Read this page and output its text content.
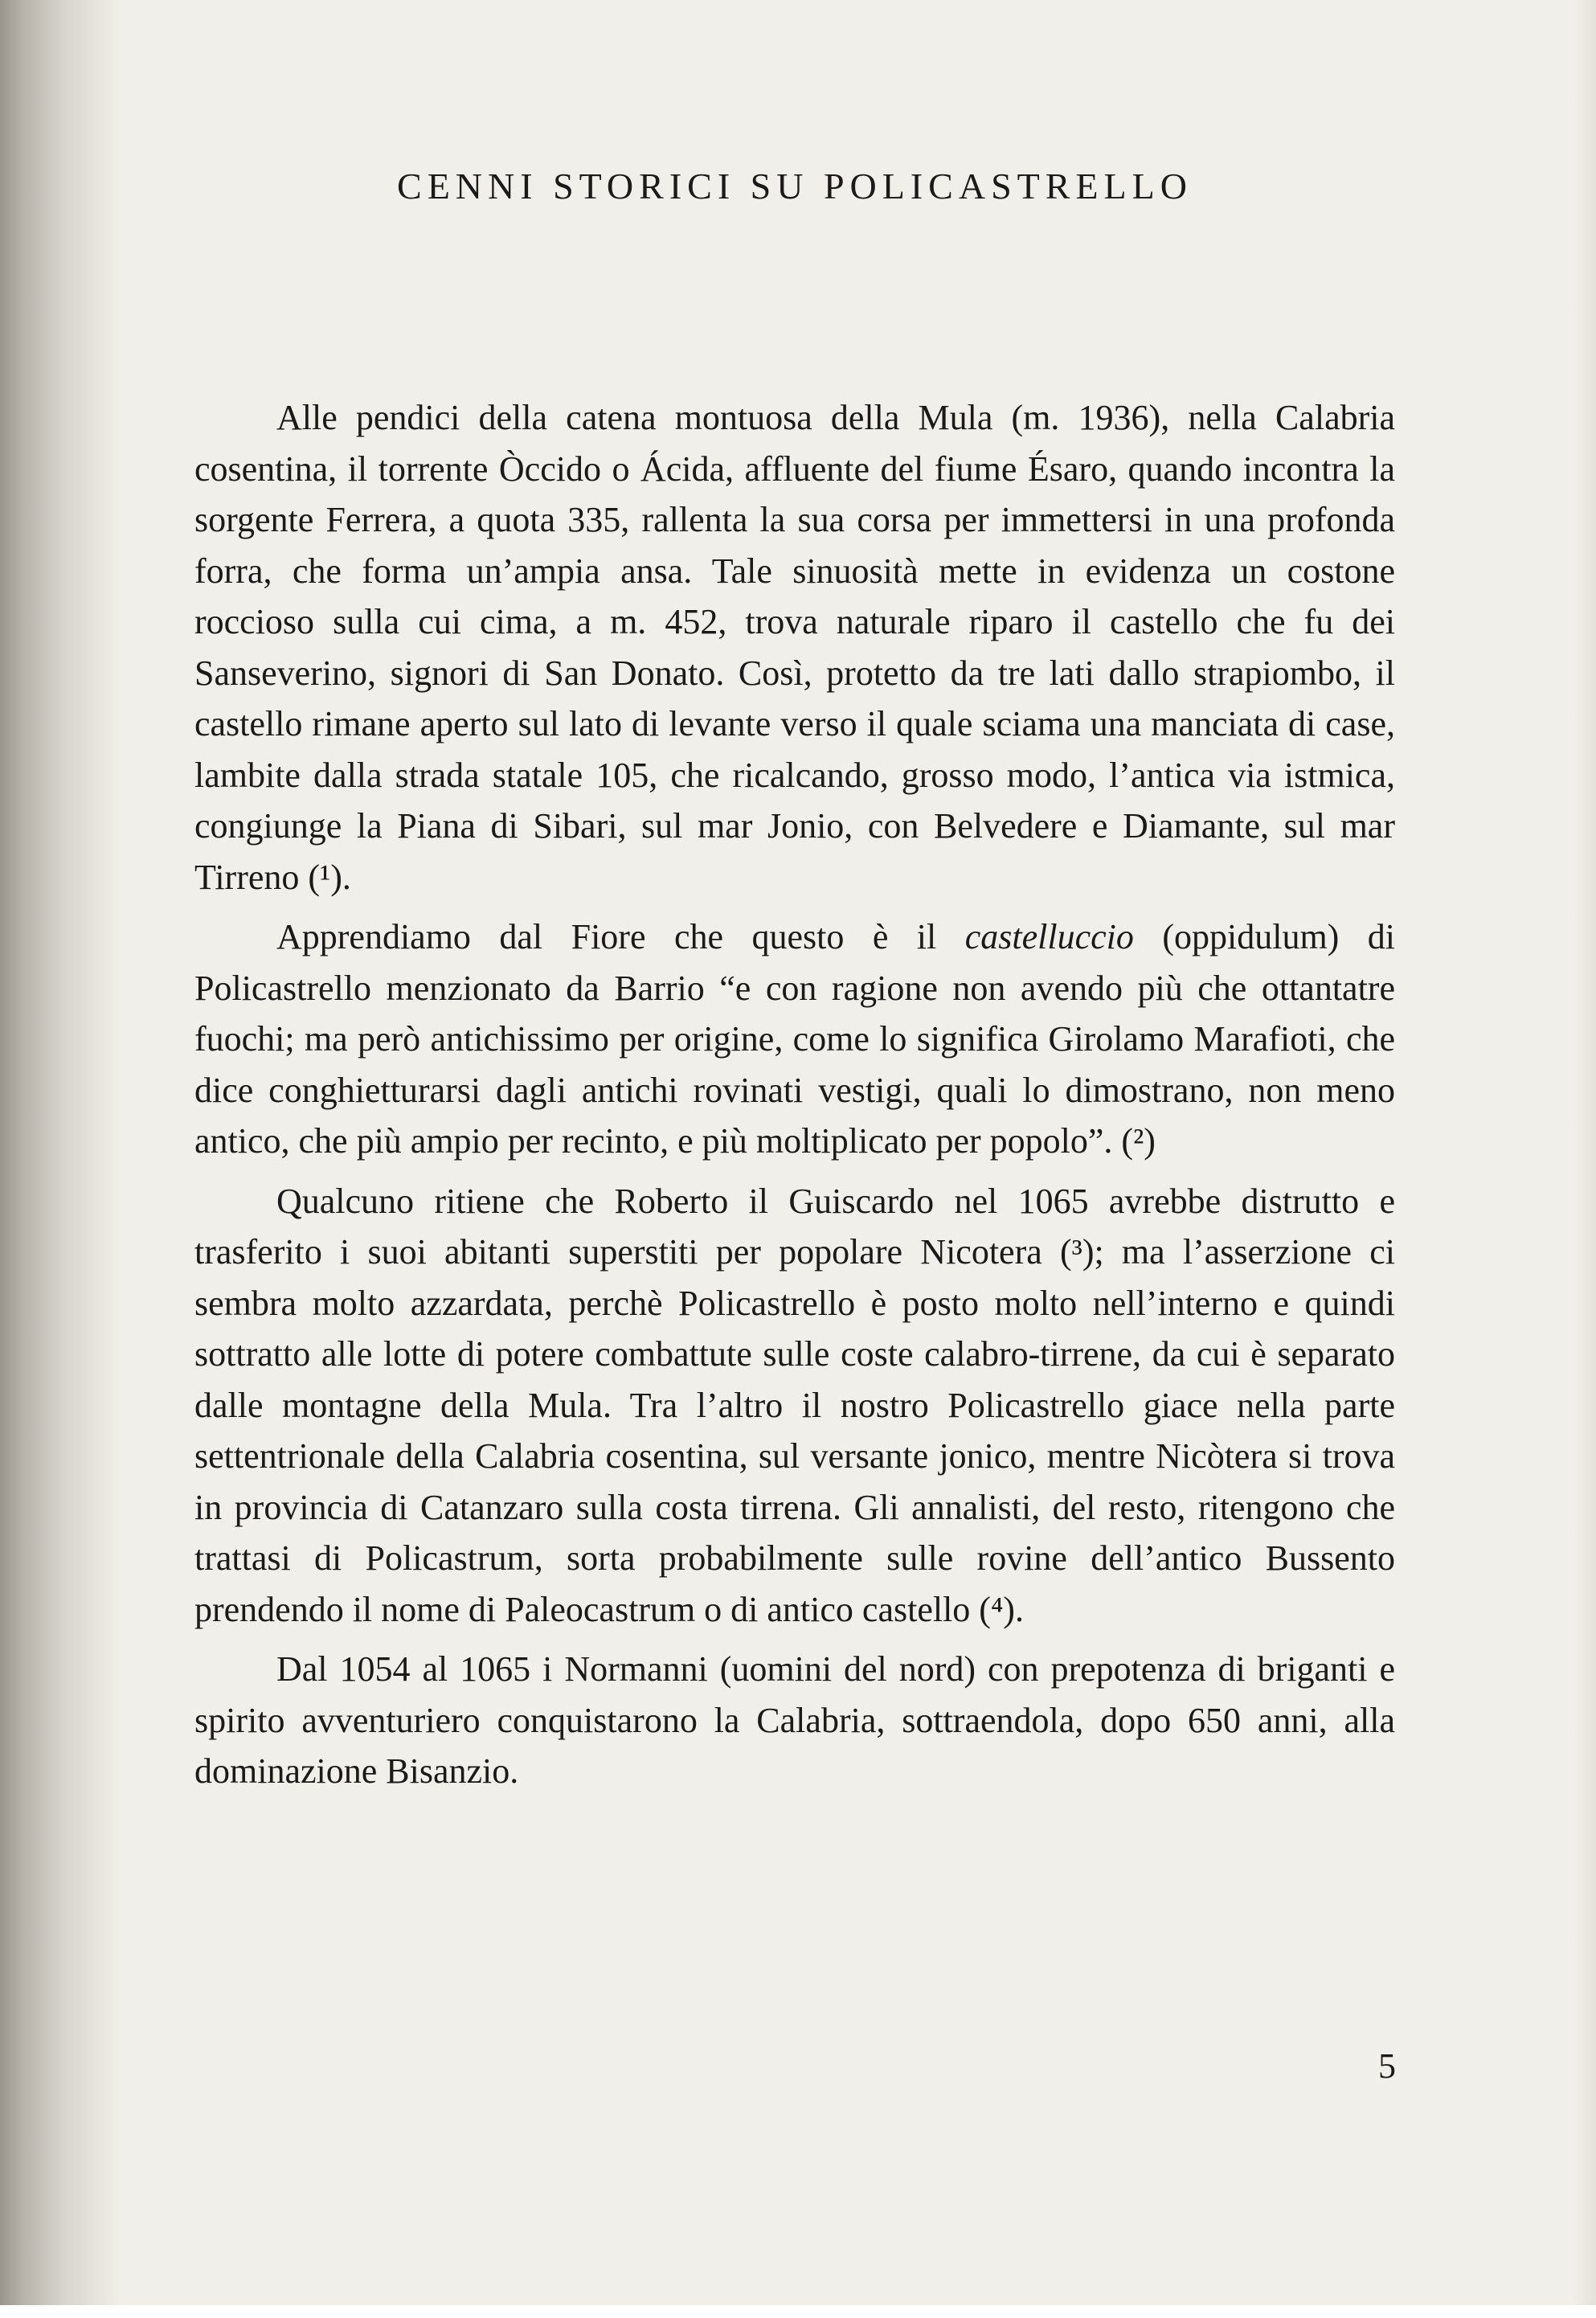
CENNI STORICI SU POLICASTRELLO

Alle pendici della catena montuosa della Mula (m. 1936), nella Calabria cosentina, il torrente Òccido o Ácida, affluente del fiume Ésaro, quando incontra la sorgente Ferrera, a quota 335, rallenta la sua corsa per immettersi in una profonda forra, che forma un’ampia ansa. Tale sinuosità mette in evidenza un costone roccioso sulla cui cima, a m. 452, trova naturale riparo il castello che fu dei Sanseverino, signori di San Donato. Così, protetto da tre lati dallo strapiombo, il castello rimane aperto sul lato di levante verso il quale sciama una manciata di case, lambite dalla strada statale 105, che ricalcando, grosso modo, l’antica via istmica, congiunge la Piana di Sibari, sul mar Jonio, con Belvedere e Diamante, sul mar Tirreno (¹).

Apprendiamo dal Fiore che questo è il castelluccio (oppidulum) di Policastrello menzionato da Barrio “e con ragione non avendo più che ottantatre fuochi; ma però antichissimo per origine, come lo significa Girolamo Marafioti, che dice conghietturarsi dagli antichi rovinati vestigi, quali lo dimostrano, non meno antico, che più ampio per recinto, e più moltiplicato per popolo”. (²)

Qualcuno ritiene che Roberto il Guiscardo nel 1065 avrebbe distrutto e trasferito i suoi abitanti superstiti per popolare Nicotera (³); ma l’asserzione ci sembra molto azzardata, perchè Policastrello è posto molto nell’interno e quindi sottratto alle lotte di potere combattute sulle coste calabro-tirrene, da cui è separato dalle montagne della Mula. Tra l’altro il nostro Policastrello giace nella parte settentrionale della Calabria cosentina, sul versante jonico, mentre Nicòtera si trova in provincia di Catanzaro sulla costa tirrena. Gli annalisti, del resto, ritengono che trattasi di Policastrum, sorta probabilmente sulle rovine dell’antico Bussento prendendo il nome di Paleocastrum o di antico castello (⁴).

Dal 1054 al 1065 i Normanni (uomini del nord) con prepotenza di briganti e spirito avventuriero conquistarono la Calabria, sottraendola, dopo 650 anni, alla dominazione Bisanzio.

5
